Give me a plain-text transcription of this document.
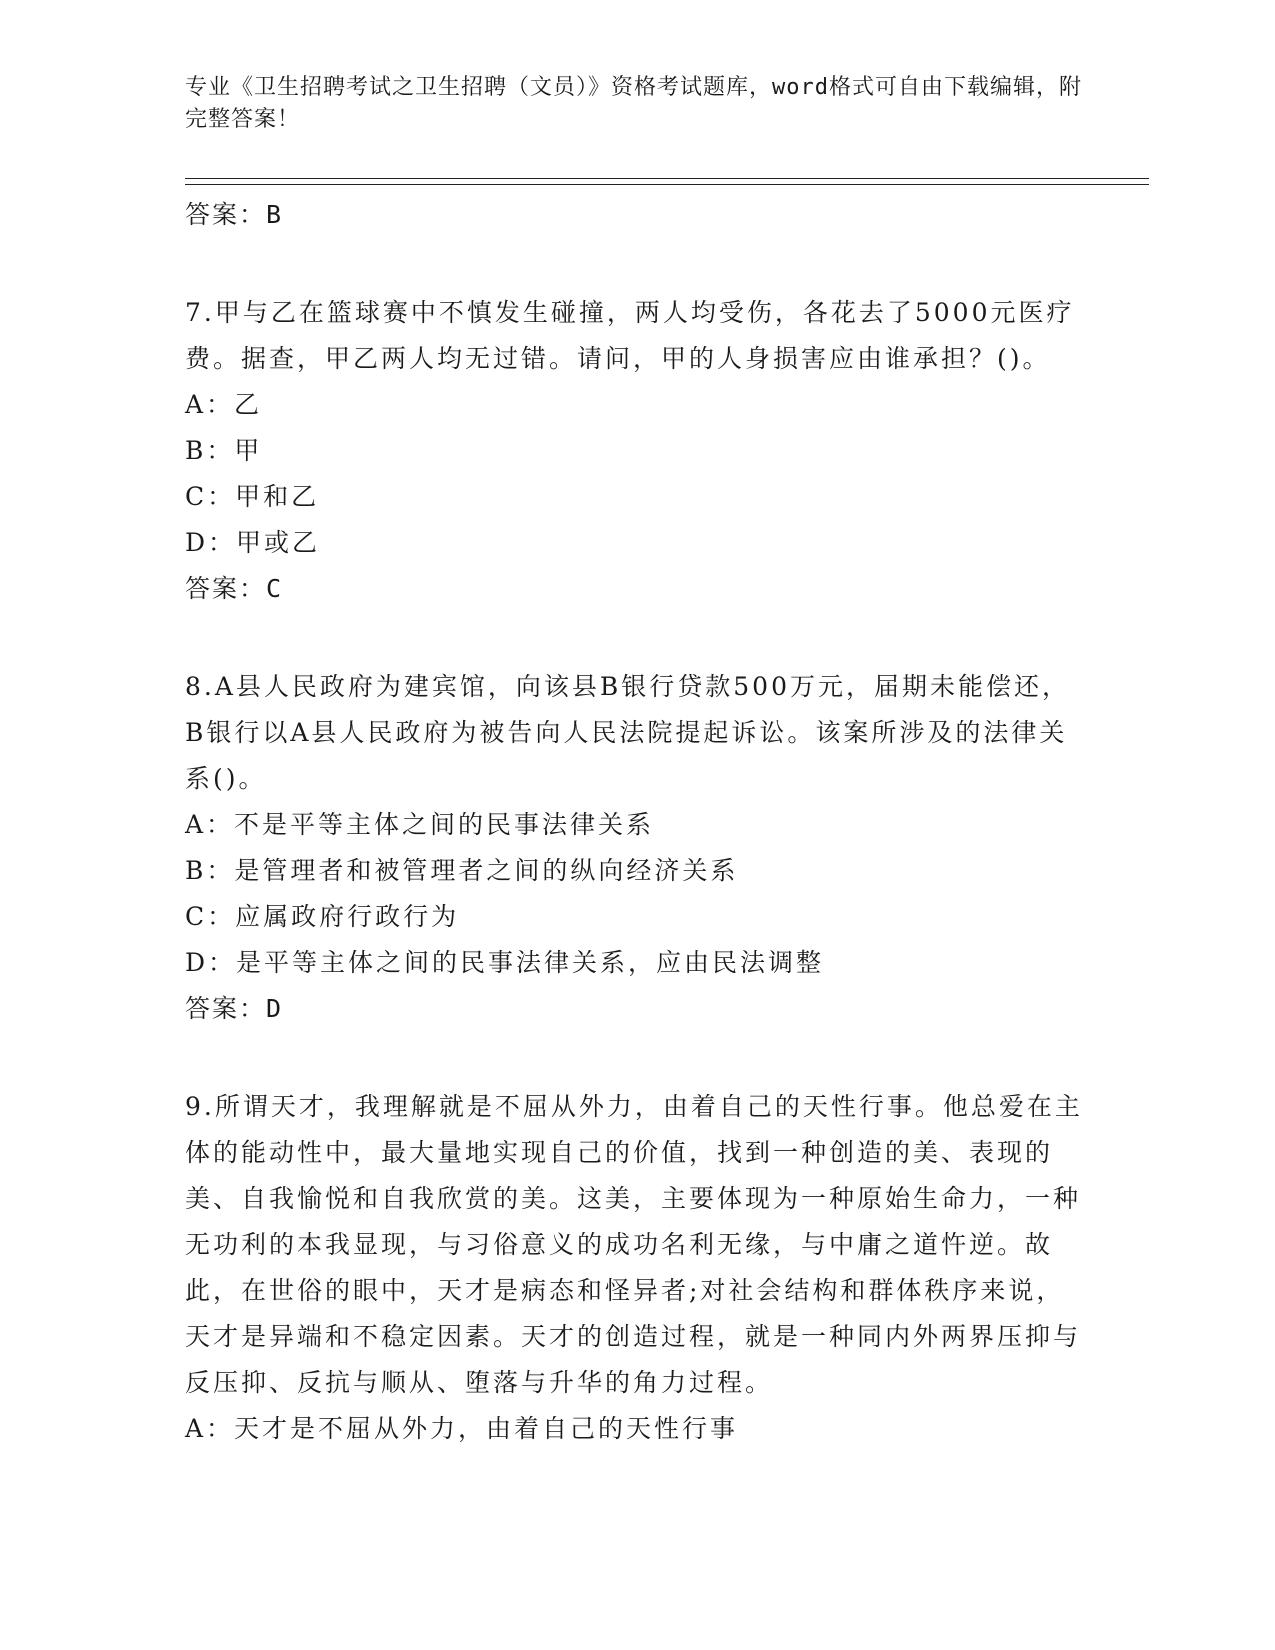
专业《卫生招聘考试之卫生招聘（文员）》资格考试题库，word格式可自由下载编辑，附完整答案！

答案：B

7.甲与乙在篮球赛中不慎发生碰撞，两人均受伤，各花去了5000元医疗费。据查，甲乙两人均无过错。请问，甲的人身损害应由谁承担？()。

A：乙

B：甲

C：甲和乙

D：甲或乙

答案：C

8.A县人民政府为建宾馆，向该县B银行贷款500万元，届期未能偿还，B银行以A县人民政府为被告向人民法院提起诉讼。该案所涉及的法律关系()。

A：不是平等主体之间的民事法律关系

B：是管理者和被管理者之间的纵向经济关系

C：应属政府行政行为

D：是平等主体之间的民事法律关系，应由民法调整

答案：D

9.所谓天才，我理解就是不屈从外力，由着自己的天性行事。他总爱在主体的能动性中，最大量地实现自己的价值，找到一种创造的美、表现的美、自我愉悦和自我欣赏的美。这美，主要体现为一种原始生命力，一种无功利的本我显现，与习俗意义的成功名利无缘，与中庸之道忤逆。故此，在世俗的眼中，天才是病态和怪异者;对社会结构和群体秩序来说，天才是异端和不稳定因素。天才的创造过程，就是一种同内外两界压抑与反压抑、反抗与顺从、堕落与升华的角力过程。

A：天才是不屈从外力，由着自己的天性行事
